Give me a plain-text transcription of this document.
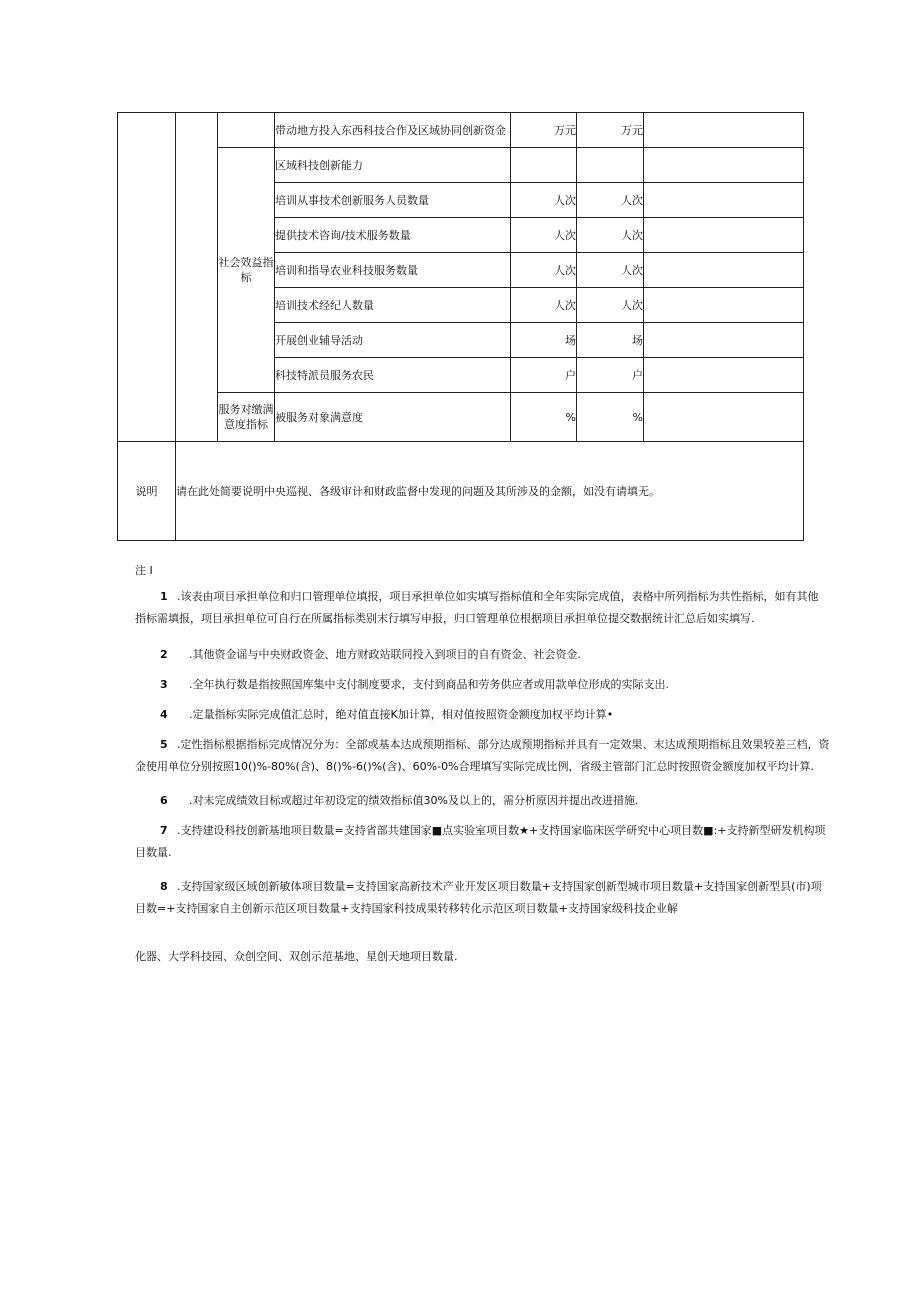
			带动地方投入东西科技合作及区域协同创新资金	万元	万元	
		社会效益指标	区域科技创新能力			
			培训从事技术创新服务人员数量	人次	人次	
			提供技术咨询/技术服务数量	人次	人次	
			培训和指导农业科技服务数量	人次	人次	
			培训技术经纪人数量	人次	人次	
			开展创业辅导活动	场	场	
			科技特派员服务农民	户	户	
		服务对缴满意度指标	被服务对象满意度	%	%	
说明	请在此处简要说明中央巡视、各级审计和财政监督中发现的问题及其所涉及的金额，如没有请填无。					
注 I
1 .该表由项目承担单位和归口管理单位填报，项目承担单位如实填写指标值和全年实际完成值，表格中所列指标为共性指标，如有其他
指标需填报，项目承担单位可自行在所属指标类别末行填写申报，归口管理单位根据项目承担单位提交数据统计汇总后如实填写.
2 .其他资金谣与中央财政资金、地方财政站联同投入到项目的自有资金、社会资金.
3 .全年执行数是指按照国库集中支付制度要求，支付到商品和劳务供应者或用款单位形成的实际支出.
4 .定量指标实际完成值汇总时，绝对值直接K加计算，相对值按照资金额度加权平均计算•
5 .定性指标根据指标完成情况分为：全部或基本达成预期指标、部分达成预期指标并具有一定效果、末达成预期指标且效果较差三档，资
金使用单位分别按照10()%-80%(含)、8()%-6()%(含)、60%-0%合理填写实际完成比例，省级主管部门汇总时按照资金额度加权平均计算.
6 .对未完成绩效目标或超过年初设定的绩效指标值30%及以上的，需分析原因并提出改进措施.
7 .支持建设科技创新基地项目数量=支持省部共建国家■点实验室项目数★+支持国家临床医学研究中心项目数■:+支持新型研发机构项
目数量.
8 .支持国家级区域创新敏体项目数量=支持国家高新技术产业开发区项目数量+支持国家创新型城市项目数量+支持国家创新型县(市)项
目数=+支持国家自主创新示范区项目数量+支持国家科技成果转移转化示范区项目数量+支持国家级科技企业解
化器、大学科技园、众创空间、双创示范基地、星创天地项目数量.
